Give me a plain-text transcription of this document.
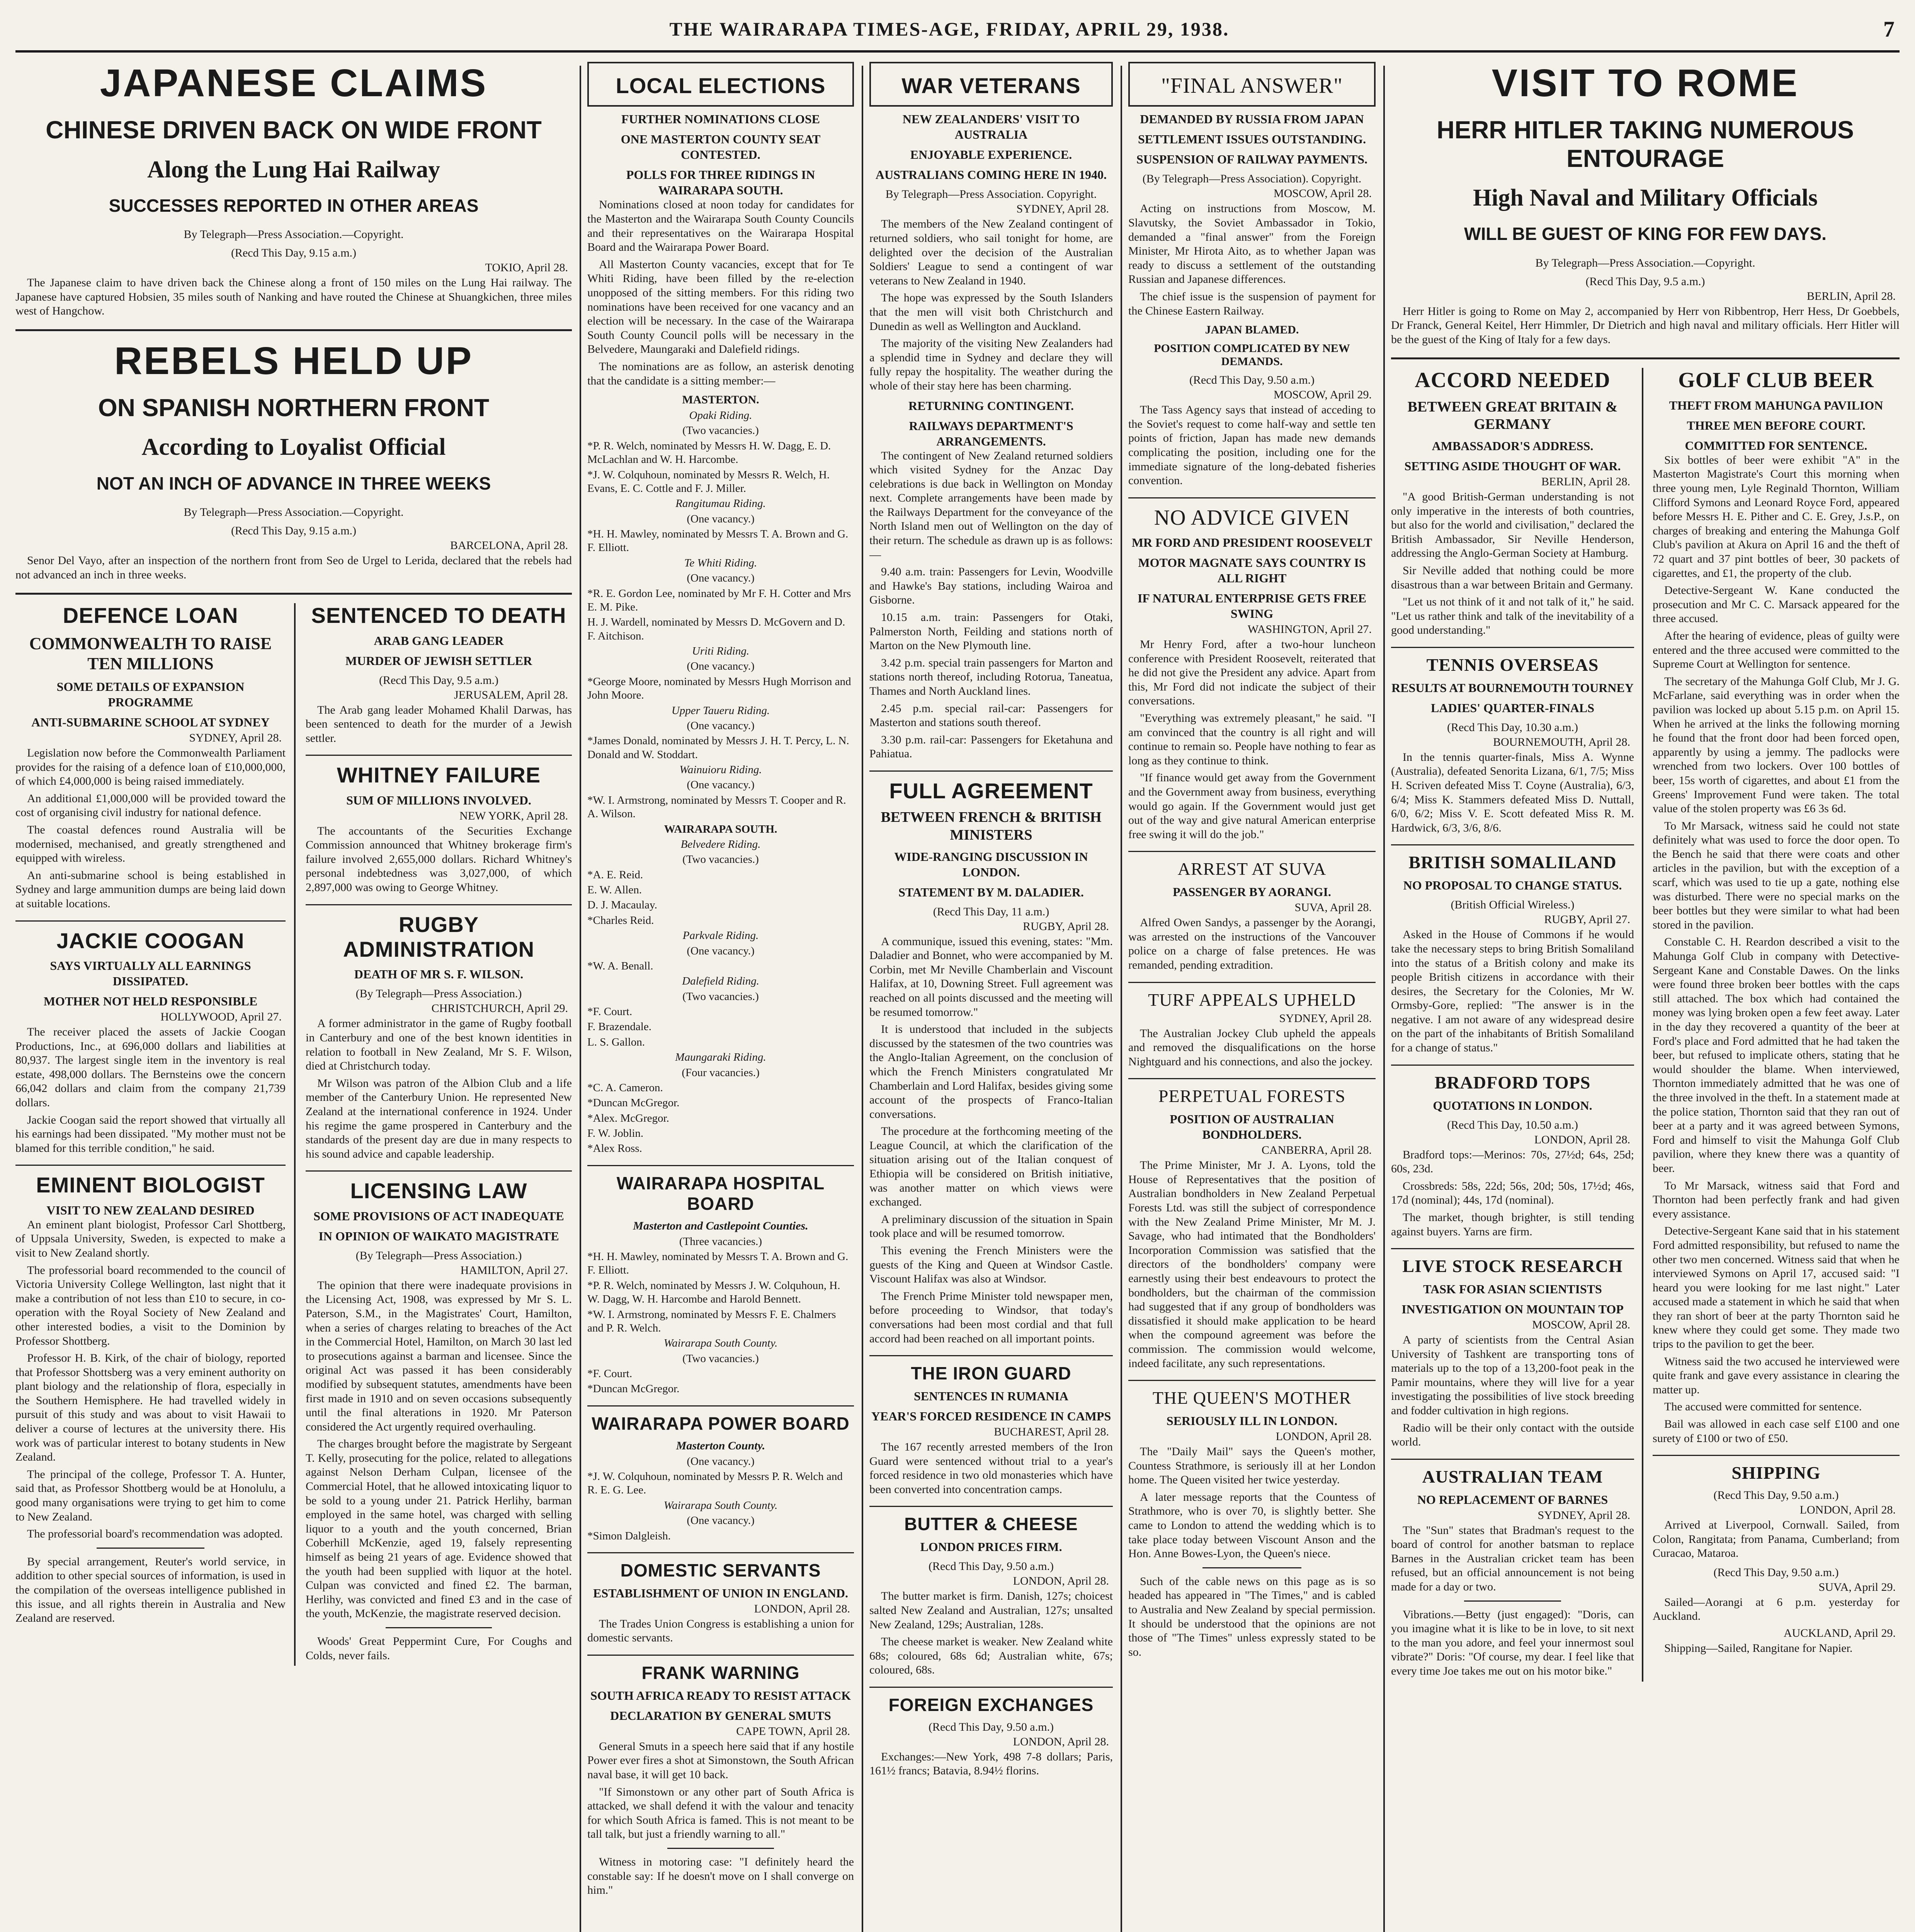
THE WAIRARAPA TIMES-AGE, FRIDAY, APRIL 29, 1938.	7
JAPANESE CLAIMS
CHINESE DRIVEN BACK ON WIDE FRONT
Along the Lung Hai Railway
SUCCESSES REPORTED IN OTHER AREAS
By Telegraph—Press Association.—Copyright.
(Recd This Day, 9.15 a.m.)
TOKIO, April 28.

The Japanese claim to have driven back the Chinese along a front of 150 miles on the Lung Hai railway. The Japanese have captured Hobsien, 35 miles south of Nanking and have routed the Chinese at Shuangkichen, three miles west of Hangchow.

REBELS HELD UP
ON SPANISH NORTHERN FRONT
According to Loyalist Official
NOT AN INCH OF ADVANCE IN THREE WEEKS
By Telegraph—Press Association.—Copyright.
(Recd This Day, 9.15 a.m.)
BARCELONA, April 28.

Senor Del Vayo, after an inspection of the northern front from Seo de Urgel to Lerida, declared that the rebels had not advanced an inch in three weeks.

DEFENCE LOAN
COMMONWEALTH TO RAISE TEN MILLIONS
SOME DETAILS OF EXPANSION PROGRAMME
ANTI-SUBMARINE SCHOOL AT SYDNEY
SYDNEY, April 28.

Legislation now before the Commonwealth Parliament provides for the raising of a defence loan of £10,000,000, of which £4,000,000 is being raised immediately.

An additional £1,000,000 will be provided toward the cost of organising civil industry for national defence.

The coastal defences round Australia will be modernised, mechanised, and greatly strengthened and equipped with wireless.

An anti-submarine school is being established in Sydney and large ammunition dumps are being laid down at suitable locations.

JACKIE COOGAN
SAYS VIRTUALLY ALL EARNINGS DISSIPATED.
MOTHER NOT HELD RESPONSIBLE
HOLLYWOOD, April 27.

The receiver placed the assets of Jackie Coogan Productions, Inc., at 696,000 dollars and liabilities at 80,937. The largest single item in the inventory is real estate, 498,000 dollars. The Bernsteins owe the concern 66,042 dollars and claim from the company 21,739 dollars.

Jackie Coogan said the report showed that virtually all his earnings had been dissipated. "My mother must not be blamed for this terrible condition," he said.

EMINENT BIOLOGIST
VISIT TO NEW ZEALAND DESIRED

An eminent plant biologist, Professor Carl Shottberg, of Uppsala University, Sweden, is expected to make a visit to New Zealand shortly.

The professorial board recommended to the council of Victoria University College Wellington, last night that it make a contribution of not less than £10 to secure, in co-operation with the Royal Society of New Zealand and other interested bodies, a visit to the Dominion by Professor Shottberg.

Professor H. B. Kirk, of the chair of biology, reported that Professor Shottsberg was a very eminent authority on plant biology and the relationship of flora, especially in the Southern Hemisphere. He had travelled widely in pursuit of this study and was about to visit Hawaii to deliver a course of lectures at the university there. His work was of particular interest to botany students in New Zealand.

The principal of the college, Professor T. A. Hunter, said that, as Professor Shottberg would be at Honolulu, a good many organisations were trying to get him to come to New Zealand.

The professorial board's recommendation was adopted.

By special arrangement, Reuter's world service, in addition to other special sources of information, is used in the compilation of the overseas intelligence published in this issue, and all rights therein in Australia and New Zealand are reserved.

SENTENCED TO DEATH
ARAB GANG LEADER
MURDER OF JEWISH SETTLER
(Recd This Day, 9.5 a.m.)
JERUSALEM, April 28.

The Arab gang leader Mohamed Khalil Darwas, has been sentenced to death for the murder of a Jewish settler.

WHITNEY FAILURE
SUM OF MILLIONS INVOLVED.
NEW YORK, April 28.

The accountants of the Securities Exchange Commission announced that Whitney brokerage firm's failure involved 2,655,000 dollars. Richard Whitney's personal indebtedness was 3,027,000, of which 2,897,000 was owing to George Whitney.

RUGBY ADMINISTRATION
DEATH OF MR S. F. WILSON.
(By Telegraph—Press Association.)
CHRISTCHURCH, April 29.

A former administrator in the game of Rugby football in Canterbury and one of the best known identities in relation to football in New Zealand, Mr S. F. Wilson, died at Christchurch today.

Mr Wilson was patron of the Albion Club and a life member of the Canterbury Union. He represented New Zealand at the international conference in 1924. Under his regime the game prospered in Canterbury and the standards of the present day are due in many respects to his sound advice and capable leadership.

LICENSING LAW
SOME PROVISIONS OF ACT INADEQUATE
IN OPINION OF WAIKATO MAGISTRATE
(By Telegraph—Press Association.)
HAMILTON, April 27.

The opinion that there were inadequate provisions in the Licensing Act, 1908, was expressed by Mr S. L. Paterson, S.M., in the Magistrates' Court, Hamilton, when a series of charges relating to breaches of the Act in the Commercial Hotel, Hamilton, on March 30 last led to prosecutions against a barman and licensee. Since the original Act was passed it has been considerably modified by subsequent statutes, amendments have been first made in 1910 and on seven occasions subsequently until the final alterations in 1920. Mr Paterson considered the Act urgently required overhauling.

The charges brought before the magistrate by Sergeant T. Kelly, prosecuting for the police, related to allegations against Nelson Derham Culpan, licensee of the Commercial Hotel, that he allowed intoxicating liquor to be sold to a young under 21. Patrick Herlihy, barman employed in the same hotel, was charged with selling liquor to a youth and the youth concerned, Brian Coberhill McKenzie, aged 19, falsely representing himself as being 21 years of age. Evidence showed that the youth had been supplied with liquor at the hotel. Culpan was convicted and fined £2. The barman, Herlihy, was convicted and fined £3 and in the case of the youth, McKenzie, the magistrate reserved decision.

Woods' Great Peppermint Cure, For Coughs and Colds, never fails.

LOCAL ELECTIONS
FURTHER NOMINATIONS CLOSE
ONE MASTERTON COUNTY SEAT CONTESTED.
POLLS FOR THREE RIDINGS IN WAIRARAPA SOUTH.

Nominations closed at noon today for candidates for the Masterton and the Wairarapa South County Councils and their representatives on the Wairarapa Hospital Board and the Wairarapa Power Board.

All Masterton County vacancies, except that for Te Whiti Riding, have been filled by the re-election unopposed of the sitting members. For this riding two nominations have been received for one vacancy and an election will be necessary. In the case of the Wairarapa South County Council polls will be necessary in the Belvedere, Maungaraki and Dalefield ridings.

The nominations are as follow, an asterisk denoting that the candidate is a sitting member:—

MASTERTON.
Opaki Riding.
(Two vacancies.)
*P. R. Welch, nominated by Messrs H. W. Dagg, E. D. McLachlan and W. H. Harcombe.
*J. W. Colquhoun, nominated by Messrs R. Welch, H. Evans, E. C. Cottle and F. J. Miller.
Rangitumau Riding.
(One vacancy.)
*H. H. Mawley, nominated by Messrs T. A. Brown and G. F. Elliott.
Te Whiti Riding.
(One vacancy.)
*R. E. Gordon Lee, nominated by Mr F. H. Cotter and Mrs E. M. Pike.
H. J. Wardell, nominated by Messrs D. McGovern and D. F. Aitchison.
Uriti Riding.
(One vacancy.)
*George Moore, nominated by Messrs Hugh Morrison and John Moore.
Upper Taueru Riding.
(One vacancy.)
*James Donald, nominated by Messrs J. H. T. Percy, L. N. Donald and W. Stoddart.
Wainuioru Riding.
(One vacancy.)
*W. I. Armstrong, nominated by Messrs T. Cooper and R. A. Wilson.
WAIRARAPA SOUTH.
Belvedere Riding.
(Two vacancies.)
*A. E. Reid.
E. W. Allen.
D. J. Macaulay.
*Charles Reid.
Parkvale Riding.
(One vacancy.)
*W. A. Benall.
Dalefield Riding.
(Two vacancies.)
*F. Court.
F. Brazendale.
L. S. Gallon.
Maungaraki Riding.
(Four vacancies.)
*C. A. Cameron.
*Duncan McGregor.
*Alex. McGregor.
F. W. Joblin.
*Alex Ross.
WAIRARAPA HOSPITAL BOARD
Masterton and Castlepoint Counties.
(Three vacancies.)
*H. H. Mawley, nominated by Messrs T. A. Brown and G. F. Elliott.
*P. R. Welch, nominated by Messrs J. W. Colquhoun, H. W. Dagg, W. H. Harcombe and Harold Bennett.
*W. I. Armstrong, nominated by Messrs F. E. Chalmers and P. R. Welch.
Wairarapa South County.
(Two vacancies.)
*F. Court.
*Duncan McGregor.
WAIRARAPA POWER BOARD
Masterton County.
(One vacancy.)
*J. W. Colquhoun, nominated by Messrs P. R. Welch and R. E. G. Lee.
Wairarapa South County.
(One vacancy.)
*Simon Dalgleish.
DOMESTIC SERVANTS
ESTABLISHMENT OF UNION IN ENGLAND.
LONDON, April 28.

The Trades Union Congress is establishing a union for domestic servants.

FRANK WARNING
SOUTH AFRICA READY TO RESIST ATTACK
DECLARATION BY GENERAL SMUTS
CAPE TOWN, April 28.

General Smuts in a speech here said that if any hostile Power ever fires a shot at Simonstown, the South African naval base, it will get 10 back.

"If Simonstown or any other part of South Africa is attacked, we shall defend it with the valour and tenacity for which South Africa is famed. This is not meant to be tall talk, but just a friendly warning to all."

Witness in motoring case: "I definitely heard the constable say: If he doesn't move on I shall converge on him."

WAR VETERANS
NEW ZEALANDERS' VISIT TO AUSTRALIA
ENJOYABLE EXPERIENCE.
AUSTRALIANS COMING HERE IN 1940.
By Telegraph—Press Association. Copyright.
SYDNEY, April 28.

The members of the New Zealand contingent of returned soldiers, who sail tonight for home, are delighted over the decision of the Australian Soldiers' League to send a contingent of war veterans to New Zealand in 1940.

The hope was expressed by the South Islanders that the men will visit both Christchurch and Dunedin as well as Wellington and Auckland.

The majority of the visiting New Zealanders had a splendid time in Sydney and declare they will fully repay the hospitality. The weather during the whole of their stay here has been charming.

RETURNING CONTINGENT.
RAILWAYS DEPARTMENT'S ARRANGEMENTS.

The contingent of New Zealand returned soldiers which visited Sydney for the Anzac Day celebrations is due back in Wellington on Monday next. Complete arrangements have been made by the Railways Department for the conveyance of the North Island men out of Wellington on the day of their return. The schedule as drawn up is as follows:—

9.40 a.m. train: Passengers for Levin, Woodville and Hawke's Bay stations, including Wairoa and Gisborne.

10.15 a.m. train: Passengers for Otaki, Palmerston North, Feilding and stations north of Marton on the New Plymouth line.

3.42 p.m. special train passengers for Marton and stations north thereof, including Rotorua, Taneatua, Thames and North Auckland lines.

2.45 p.m. special rail-car: Passengers for Masterton and stations south thereof.

3.30 p.m. rail-car: Passengers for Eketahuna and Pahiatua.

FULL AGREEMENT
BETWEEN FRENCH & BRITISH MINISTERS
WIDE-RANGING DISCUSSION IN LONDON.
STATEMENT BY M. DALADIER.
(Recd This Day, 11 a.m.)
RUGBY, April 28.

A communique, issued this evening, states: "Mm. Daladier and Bonnet, who were accompanied by M. Corbin, met Mr Neville Chamberlain and Viscount Halifax, at 10, Downing Street. Full agreement was reached on all points discussed and the meeting will be resumed tomorrow."

It is understood that included in the subjects discussed by the statesmen of the two countries was the Anglo-Italian Agreement, on the conclusion of which the French Ministers congratulated Mr Chamberlain and Lord Halifax, besides giving some account of the prospects of Franco-Italian conversations.

The procedure at the forthcoming meeting of the League Council, at which the clarification of the situation arising out of the Italian conquest of Ethiopia will be considered on British initiative, was another matter on which views were exchanged.

A preliminary discussion of the situation in Spain took place and will be resumed tomorrow.

This evening the French Ministers were the guests of the King and Queen at Windsor Castle. Viscount Halifax was also at Windsor.

The French Prime Minister told newspaper men, before proceeding to Windsor, that today's conversations had been most cordial and that full accord had been reached on all important points.

THE IRON GUARD
SENTENCES IN RUMANIA
YEAR'S FORCED RESIDENCE IN CAMPS
BUCHAREST, April 28.

The 167 recently arrested members of the Iron Guard were sentenced without trial to a year's forced residence in two old monasteries which have been converted into concentration camps.

BUTTER & CHEESE
LONDON PRICES FIRM.
(Recd This Day, 9.50 a.m.)
LONDON, April 28.

The butter market is firm. Danish, 127s; choicest salted New Zealand and Australian, 127s; unsalted New Zealand, 129s; Australian, 128s.

The cheese market is weaker. New Zealand white 68s; coloured, 68s 6d; Australian white, 67s; coloured, 68s.

FOREIGN EXCHANGES
(Recd This Day, 9.50 a.m.)
LONDON, April 28.

Exchanges:—New York, 498 7-8 dollars; Paris, 161½ francs; Batavia, 8.94½ florins.

"FINAL ANSWER"
DEMANDED BY RUSSIA FROM JAPAN
SETTLEMENT ISSUES OUTSTANDING.
SUSPENSION OF RAILWAY PAYMENTS.
(By Telegraph—Press Association). Copyright.
MOSCOW, April 28.

Acting on instructions from Moscow, M. Slavutsky, the Soviet Ambassador in Tokio, demanded a "final answer" from the Foreign Minister, Mr Hirota Aito, as to whether Japan was ready to discuss a settlement of the outstanding Russian and Japanese differences.

The chief issue is the suspension of payment for the Chinese Eastern Railway.

JAPAN BLAMED.
POSITION COMPLICATED BY NEW DEMANDS.
(Recd This Day, 9.50 a.m.)
MOSCOW, April 29.

The Tass Agency says that instead of acceding to the Soviet's request to come half-way and settle ten points of friction, Japan has made new demands complicating the position, including one for the immediate signature of the long-debated fisheries convention.

NO ADVICE GIVEN
MR FORD AND PRESIDENT ROOSEVELT
MOTOR MAGNATE SAYS COUNTRY IS ALL RIGHT
IF NATURAL ENTERPRISE GETS FREE SWING
WASHINGTON, April 27.

Mr Henry Ford, after a two-hour luncheon conference with President Roosevelt, reiterated that he did not give the President any advice. Apart from this, Mr Ford did not indicate the subject of their conversations.

"Everything was extremely pleasant," he said. "I am convinced that the country is all right and will continue to remain so. People have nothing to fear as long as they continue to think.

"If finance would get away from the Government and the Government away from business, everything would go again. If the Government would just get out of the way and give natural American enterprise free swing it will do the job."

ARREST AT SUVA
PASSENGER BY AORANGI.
SUVA, April 28.

Alfred Owen Sandys, a passenger by the Aorangi, was arrested on the instructions of the Vancouver police on a charge of false pretences. He was remanded, pending extradition.

TURF APPEALS UPHELD
SYDNEY, April 28.

The Australian Jockey Club upheld the appeals and removed the disqualifications on the horse Nightguard and his connections, and also the jockey.

PERPETUAL FORESTS
POSITION OF AUSTRALIAN BONDHOLDERS.
CANBERRA, April 28.

The Prime Minister, Mr J. A. Lyons, told the House of Representatives that the position of Australian bondholders in New Zealand Perpetual Forests Ltd. was still the subject of correspondence with the New Zealand Prime Minister, Mr M. J. Savage, who had intimated that the Bondholders' Incorporation Commission was satisfied that the directors of the bondholders' company were earnestly using their best endeavours to protect the bondholders, but the chairman of the commission had suggested that if any group of bondholders was dissatisfied it should make application to be heard when the compound agreement was before the commission. The commission would welcome, indeed facilitate, any such representations.

THE QUEEN'S MOTHER
SERIOUSLY ILL IN LONDON.
LONDON, April 28.

The "Daily Mail" says the Queen's mother, Countess Strathmore, is seriously ill at her London home. The Queen visited her twice yesterday.

A later message reports that the Countess of Strathmore, who is over 70, is slightly better. She came to London to attend the wedding which is to take place today between Viscount Anson and the Hon. Anne Bowes-Lyon, the Queen's niece.

Such of the cable news on this page as is so headed has appeared in "The Times," and is cabled to Australia and New Zealand by special permission. It should be understood that the opinions are not those of "The Times" unless expressly stated to be so.

VISIT TO ROME
HERR HITLER TAKING NUMEROUS ENTOURAGE
High Naval and Military Officials
WILL BE GUEST OF KING FOR FEW DAYS.
By Telegraph—Press Association.—Copyright.
(Recd This Day, 9.5 a.m.)
BERLIN, April 28.

Herr Hitler is going to Rome on May 2, accompanied by Herr von Ribbentrop, Herr Hess, Dr Goebbels, Dr Franck, General Keitel, Herr Himmler, Dr Dietrich and high naval and military officials. Herr Hitler will be the guest of the King of Italy for a few days.

ACCORD NEEDED
BETWEEN GREAT BRITAIN & GERMANY
AMBASSADOR'S ADDRESS.
SETTING ASIDE THOUGHT OF WAR.
BERLIN, April 28.

"A good British-German understanding is not only imperative in the interests of both countries, but also for the world and civilisation," declared the British Ambassador, Sir Neville Henderson, addressing the Anglo-German Society at Hamburg.

Sir Neville added that nothing could be more disastrous than a war between Britain and Germany.

"Let us not think of it and not talk of it," he said. "Let us rather think and talk of the inevitability of a good understanding."

TENNIS OVERSEAS
RESULTS AT BOURNEMOUTH TOURNEY
LADIES' QUARTER-FINALS
(Recd This Day, 10.30 a.m.)
BOURNEMOUTH, April 28.

In the tennis quarter-finals, Miss A. Wynne (Australia), defeated Senorita Lizana, 6/1, 7/5; Miss H. Scriven defeated Miss T. Coyne (Australia), 6/3, 6/4; Miss K. Stammers defeated Miss D. Nuttall, 6/0, 6/2; Miss V. E. Scott defeated Miss R. M. Hardwick, 6/3, 3/6, 8/6.

BRITISH SOMALILAND
NO PROPOSAL TO CHANGE STATUS.
(British Official Wireless.)
RUGBY, April 27.

Asked in the House of Commons if he would take the necessary steps to bring British Somaliland into the status of a British colony and make its people British citizens in accordance with their desires, the Secretary for the Colonies, Mr W. Ormsby-Gore, replied: "The answer is in the negative. I am not aware of any widespread desire on the part of the inhabitants of British Somaliland for a change of status."

BRADFORD TOPS
QUOTATIONS IN LONDON.
(Recd This Day, 10.50 a.m.)
LONDON, April 28.

Bradford tops:—Merinos: 70s, 27½d; 64s, 25d; 60s, 23d.

Crossbreds: 58s, 22d; 56s, 20d; 50s, 17½d; 46s, 17d (nominal); 44s, 17d (nominal).

The market, though brighter, is still tending against buyers. Yarns are firm.

LIVE STOCK RESEARCH
TASK FOR ASIAN SCIENTISTS
INVESTIGATION ON MOUNTAIN TOP
MOSCOW, April 28.

A party of scientists from the Central Asian University of Tashkent are transporting tons of materials up to the top of a 13,200-foot peak in the Pamir mountains, where they will live for a year investigating the possibilities of live stock breeding and fodder cultivation in high regions.

Radio will be their only contact with the outside world.

AUSTRALIAN TEAM
NO REPLACEMENT OF BARNES
SYDNEY, April 28.

The "Sun" states that Bradman's request to the board of control for another batsman to replace Barnes in the Australian cricket team has been refused, but an official announcement is not being made for a day or two.

Vibrations.—Betty (just engaged): "Doris, can you imagine what it is like to be in love, to sit next to the man you adore, and feel your innermost soul vibrate?" Doris: "Of course, my dear. I feel like that every time Joe takes me out on his motor bike."

GOLF CLUB BEER
THEFT FROM MAHUNGA PAVILION
THREE MEN BEFORE COURT.
COMMITTED FOR SENTENCE.

Six bottles of beer were exhibit "A" in the Masterton Magistrate's Court this morning when three young men, Lyle Reginald Thornton, William Clifford Symons and Leonard Royce Ford, appeared before Messrs H. E. Pither and C. E. Grey, J.s.P., on charges of breaking and entering the Mahunga Golf Club's pavilion at Akura on April 16 and the theft of 72 quart and 37 pint bottles of beer, 30 packets of cigarettes, and £1, the property of the club.

Detective-Sergeant W. Kane conducted the prosecution and Mr C. C. Marsack appeared for the three accused.

After the hearing of evidence, pleas of guilty were entered and the three accused were committed to the Supreme Court at Wellington for sentence.

The secretary of the Mahunga Golf Club, Mr J. G. McFarlane, said everything was in order when the pavilion was locked up about 5.15 p.m. on April 15. When he arrived at the links the following morning he found that the front door had been forced open, apparently by using a jemmy. The padlocks were wrenched from two lockers. Over 100 bottles of beer, 15s worth of cigarettes, and about £1 from the Greens' Improvement Fund were taken. The total value of the stolen property was £6 3s 6d.

To Mr Marsack, witness said he could not state definitely what was used to force the door open. To the Bench he said that there were coats and other articles in the pavilion, but with the exception of a scarf, which was used to tie up a gate, nothing else was disturbed. There were no special marks on the beer bottles but they were similar to what had been stored in the pavilion.

Constable C. H. Reardon described a visit to the Mahunga Golf Club in company with Detective-Sergeant Kane and Constable Dawes. On the links were found three broken beer bottles with the caps still attached. The box which had contained the money was lying broken open a few feet away. Later in the day they recovered a quantity of the beer at Ford's place and Ford admitted that he had taken the beer, but refused to implicate others, stating that he would shoulder the blame. When interviewed, Thornton immediately admitted that he was one of the three involved in the theft. In a statement made at the police station, Thornton said that they ran out of beer at a party and it was agreed between Symons, Ford and himself to visit the Mahunga Golf Club pavilion, where they knew there was a quantity of beer.

To Mr Marsack, witness said that Ford and Thornton had been perfectly frank and had given every assistance.

Detective-Sergeant Kane said that in his statement Ford admitted responsibility, but refused to name the other two men concerned. Witness said that when he interviewed Symons on April 17, accused said: "I heard you were looking for me last night." Later accused made a statement in which he said that when they ran short of beer at the party Thornton said he knew where they could get some. They made two trips to the pavilion to get the beer.

Witness said the two accused he interviewed were quite frank and gave every assistance in clearing the matter up.

The accused were committed for sentence.

Bail was allowed in each case self £100 and one surety of £100 or two of £50.

SHIPPING
(Recd This Day, 9.50 a.m.)
LONDON, April 28.

Arrived at Liverpool, Cornwall. Sailed, from Colon, Rangitata; from Panama, Cumberland; from Curacao, Mataroa.

(Recd This Day, 9.50 a.m.)
SUVA, April 29.

Sailed—Aorangi at 6 p.m. yesterday for Auckland.

AUCKLAND, April 29.

Shipping—Sailed, Rangitane for Napier.
